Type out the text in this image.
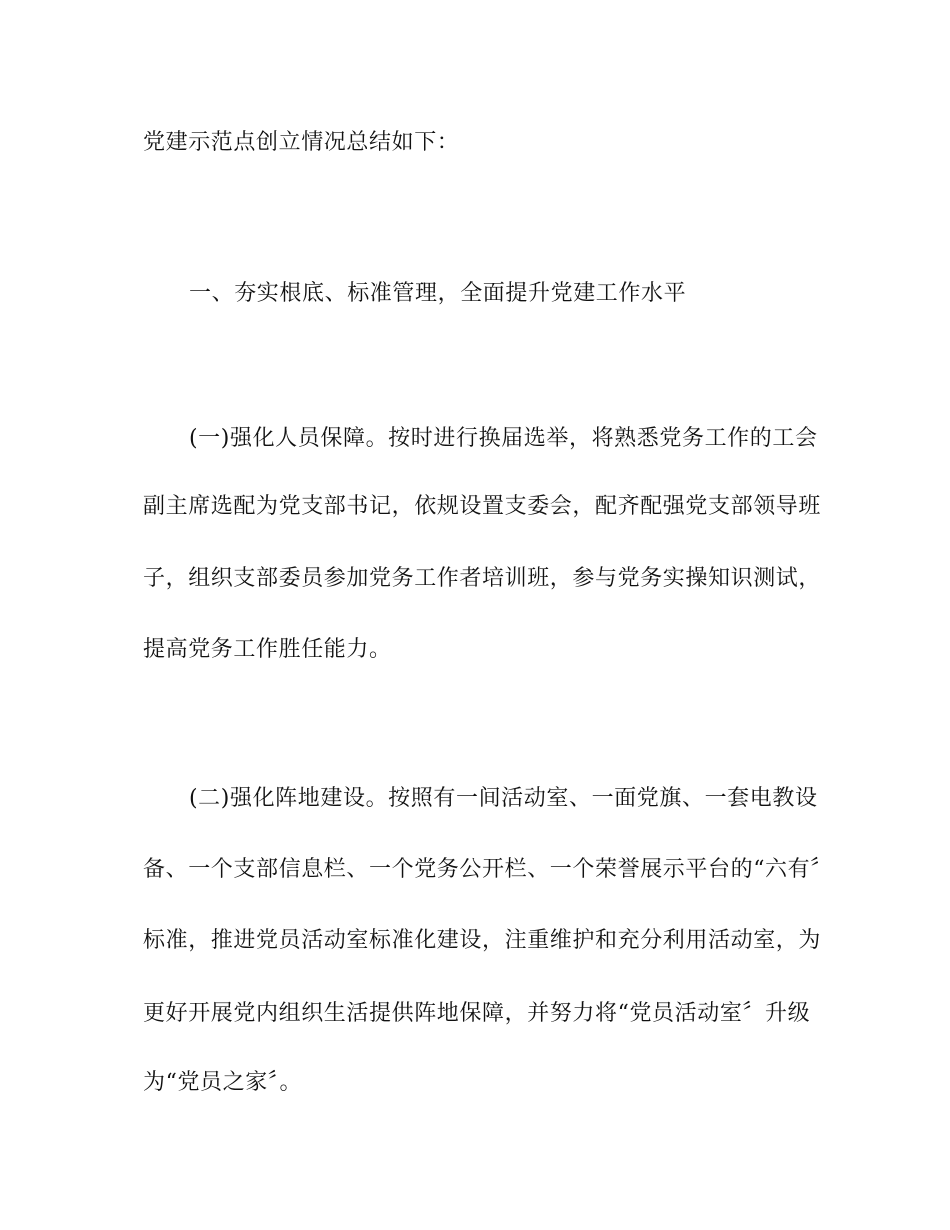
党建示范点创立情况总结如下：
一、夯实根底、标准管理，全面提升党建工作水平
(一)强化人员保障。按时进行换届选举，将熟悉党务工作的工会
副主席选配为党支部书记，依规设置支委会，配齐配强党支部领导班
子，组织支部委员参加党务工作者培训班，参与党务实操知识测试，
提高党务工作胜任能力。
(二)强化阵地建设。按照有一间活动室、一面党旗、一套电教设
备、一个支部信息栏、一个党务公开栏、一个荣誉展示平台的“六有〞
标准，推进党员活动室标准化建设，注重维护和充分利用活动室，为
更好开展党内组织生活提供阵地保障，并努力将“党员活动室〞升级
为“党员之家〞。
